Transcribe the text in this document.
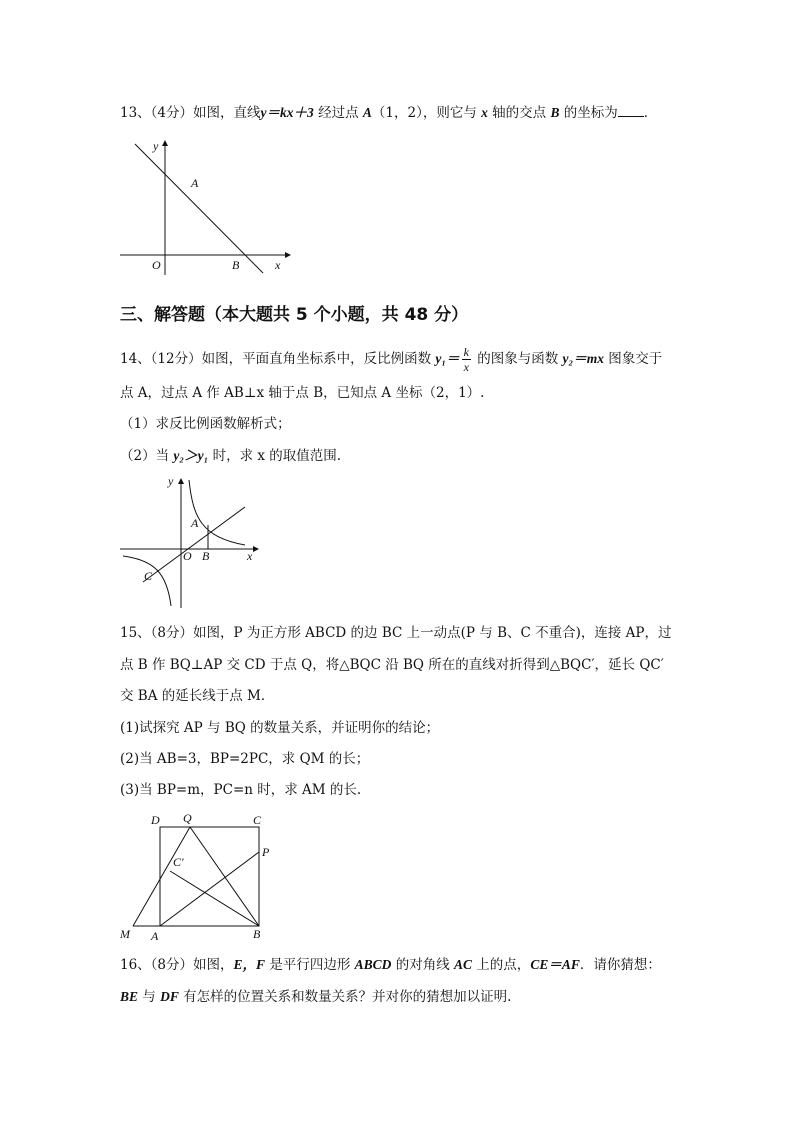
13、（4分）如图，直线y＝kx＋3 经过点 A（1，2），则它与 x 轴的交点 B 的坐标为 ．
y
A
O	B	x
三、解答题（本大题共 5 个小题，共 48 分）
14、（12分）如图，平面直角坐标系中，反比例函数 $y_1= \frac{k}{x}$ 的图象与函数 y₂＝mx 图象交于
点 A，过点 A 作 AB⊥x 轴于点 B，已知点 A 坐标（2，1）.
（1）求反比例函数解析式；
（2）当 y₂＞y₁ 时，求 x 的取值范围.
y
A
O B	x
C
15、（8分）如图，P 为正方形 ABCD 的边 BC 上一动点(P 与 B、C 不重合)，连接 AP，过
点 B 作 BQ⊥AP 交 CD 于点 Q，将△BQC 沿 BQ 所在的直线对折得到△BQC′，延长 QC′
交 BA 的延长线于点 M．
(1)试探究 AP 与 BQ 的数量关系，并证明你的结论；
(2)当 AB=3，BP=2PC，求 QM 的长；
(3)当 BP=m，PC=n 时，求 AM 的长.
D Q	C
P
C′
M A	B
16、（8分）如图，E，F 是平行四边形 ABCD 的对角线 AC 上的点，CE＝AF．请你猜想：
BE 与 DF 有怎样的位置关系和数量关系？并对你的猜想加以证明.
